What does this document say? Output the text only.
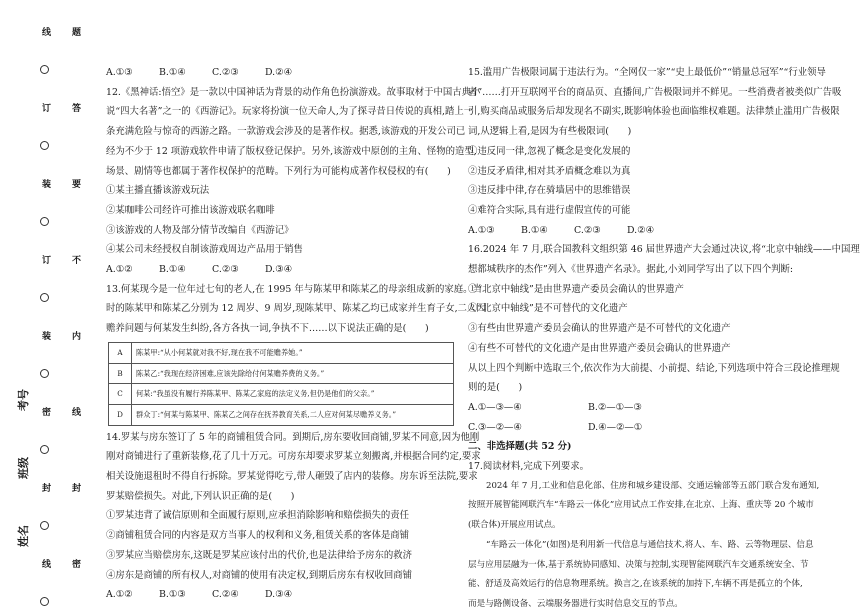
线
订
装
订
装
密
封
线
题
答
要
不
内
线
封
密
考号
班级
姓名

A.①③	B.①④	C.②③	D.②④

12.《黑神话:悟空》是一款以中国神话为背景的动作角色扮演游戏。故事取材于中国古典小

说“四大名著”之一的《西游记》。玩家将扮演一位天命人,为了探寻昔日传说的真相,踏上一

条充满危险与惊奇的西游之路。一款游戏会涉及的是著作权。据悉,该游戏的开发公司已

经为不少于 12 项游戏软件申请了版权登记保护。另外,该游戏中原创的主角、怪物的造型,

场景、剧情等也都属于著作权保护的范畴。下列行为可能构成著作权侵权的有(　　)

①某主播直播该游戏玩法

②某咖啡公司经许可推出该游戏联名咖啡

③该游戏的人物及部分情节改编自《西游记》

④某公司未经授权自制该游戏周边产品用于销售

A.①②	B.①④	C.②③	D.③④

13.何某现今是一位年过七旬的老人,在 1995 年与陈某甲和陈某乙的母亲组成新的家庭。当

时的陈某甲和陈某乙分别为 12 周岁、9 周岁,现陈某甲、陈某乙均已成家并生育子女,二人因

赡养问题与何某发生纠纷,各方各执一词,争执不下……以下说法正确的是(　　)

A	陈某甲:“从小何某就对我不好,现在我不可能赡养她。”
B	陈某乙:“我现在经济困难,应该先除给付何某赡养费的义务。”
C	何某:“我虽没有履行养陈某甲、陈某乙家庭的法定义务,但仍是他们的父亲。”
D	群众丁:“何某与陈某甲、陈某乙之间存在抚养教育关系,二人应对何某尽赡养义务。”

14.罗某与房东签订了 5 年的商铺租赁合同。到期后,房东要收回商铺,罗某不同意,因为他刚

刚对商铺进行了重新装修,花了几十万元。可房东却要求罗某立刻搬离,并根据合同约定,要求

相关设施退租时不得自行拆除。罗某觉得吃亏,带人砸毁了店内的装修。房东诉至法院,要求

罗某赔偿损失。对此,下列认识正确的是(　　)

①罗某违背了诚信原则和全面履行原则,应承担消除影响和赔偿损失的责任

②商铺租赁合同的内容是双方当事人的权利和义务,租赁关系的客体是商铺

③罗某应当赔偿房东,这既是罗某应该付出的代价,也是法律给予房东的救济

④房东是商铺的所有权人,对商铺的使用有决定权,到期后房东有权收回商铺

A.①②	B.①③	C.②④	D.③④

15.滥用广告极限词属于违法行为。“全网仅一家”“史上最低价”“销量总冠军”“行业领导

者”……打开互联网平台的商品页、直播间,广告极限词并不鲜见。一些消费者被类似广告吸

引,购买商品或服务后却发现名不副实,既影响体验也面临维权难题。法律禁止滥用广告极限

词,从逻辑上看,是因为有些极限词(　　)

①违反同一律,忽视了概念是变化发展的

②违反矛盾律,相对其矛盾概念难以为真

③违反排中律,存在骑墙居中的思维错误

④难符合实际,具有进行虚假宣传的可能

A.①③	B.①④	C.②③	D.②④

16.2024 年 7 月,联合国教科文组织第 46 届世界遗产大会通过决议,将“北京中轴线——中国理

想都城秩序的杰作”列入《世界遗产名录》。据此,小刘同学写出了以下四个判断:

①“北京中轴线”是由世界遗产委员会确认的世界遗产

②“北京中轴线”是不可替代的文化遗产

③有些由世界遗产委员会确认的世界遗产是不可替代的文化遗产

④有些不可替代的文化遗产是由世界遗产委员会确认的世界遗产

从以上四个判断中选取三个,依次作为大前提、小前提、结论,下列选项中符合三段论推理规

则的是(　　)

A.①—③—④	B.②—①—③

C.③—②—④	D.④—②—①

二、非选择题(共 52 分)

17.阅读材料,完成下列要求。

2024 年 7 月,工业和信息化部、住房和城乡建设部、交通运输部等五部门联合发布通知,

按照开展智能网联汽车“车路云一体化”应用试点工作安排,在北京、上海、重庆等 20 个城市

(联合体)开展应用试点。

“车路云一体化”(如图)是利用新一代信息与通信技术,将人、车、路、云等物理层、信息

层与应用层融为一体,基于系统协同感知、决策与控制,实现智能网联汽车交通系统安全、节

能、舒适及高效运行的信息物理系统。换言之,在该系统的加持下,车辆不再是孤立的个体,

而是与路侧设备、云端服务器进行实时信息交互的节点。
